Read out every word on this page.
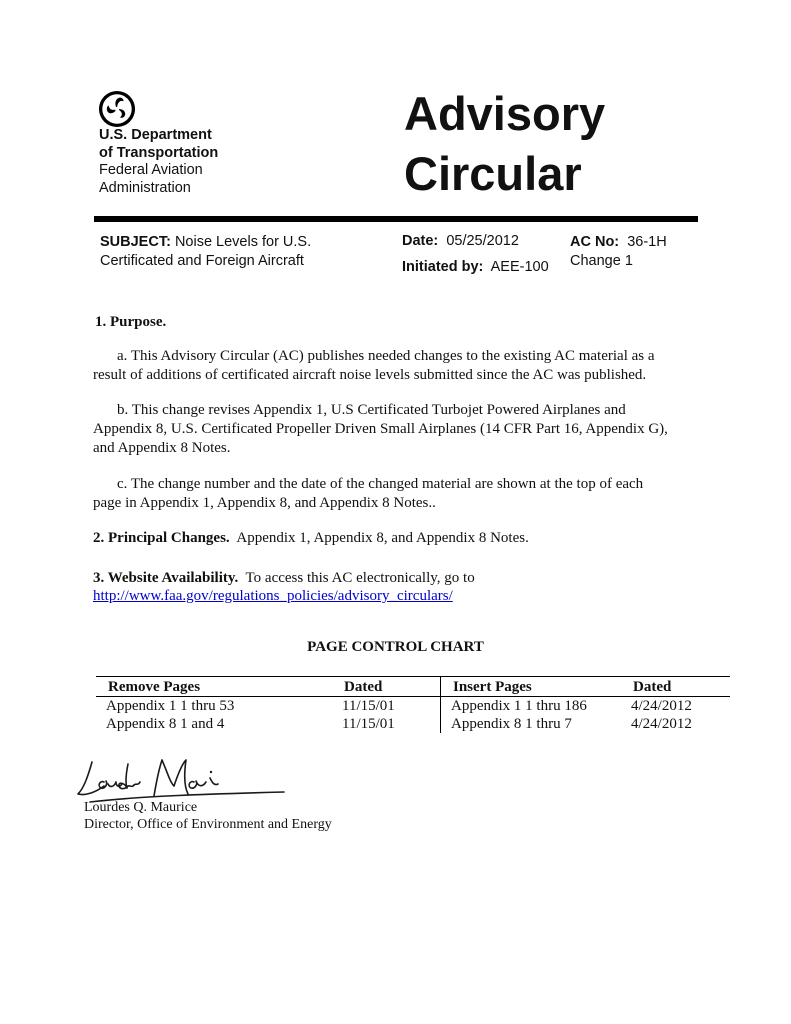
U.S. Department
of Transportation
Federal Aviation
Administration
Advisory
Circular
SUBJECT: Noise Levels for U.S.
Certificated and Foreign Aircraft
Date: 05/25/2012
Initiated by: AEE-100
AC No: 36-1H
Change 1
1. Purpose.
a. This Advisory Circular (AC) publishes needed changes to the existing AC material as a
result of additions of certificated aircraft noise levels submitted since the AC was published.
b. This change revises Appendix 1, U.S Certificated Turbojet Powered Airplanes and
Appendix 8, U.S. Certificated Propeller Driven Small Airplanes (14 CFR Part 16, Appendix G),
and Appendix 8 Notes.
c. The change number and the date of the changed material are shown at the top of each
page in Appendix 1, Appendix 8, and Appendix 8 Notes..
2. Principal Changes. Appendix 1, Appendix 8, and Appendix 8 Notes.
3. Website Availability. To access this AC electronically, go to
http://www.faa.gov/regulations_policies/advisory_circulars/
PAGE CONTROL CHART
Remove Pages	Dated	Insert Pages	Dated
Appendix 1 1 thru 53	11/15/01	Appendix 1 1 thru 186	4/24/2012
Appendix 8 1 and 4	11/15/01	Appendix 8 1 thru 7	4/24/2012
Lourdes Q. Maurice
Director, Office of Environment and Energy
